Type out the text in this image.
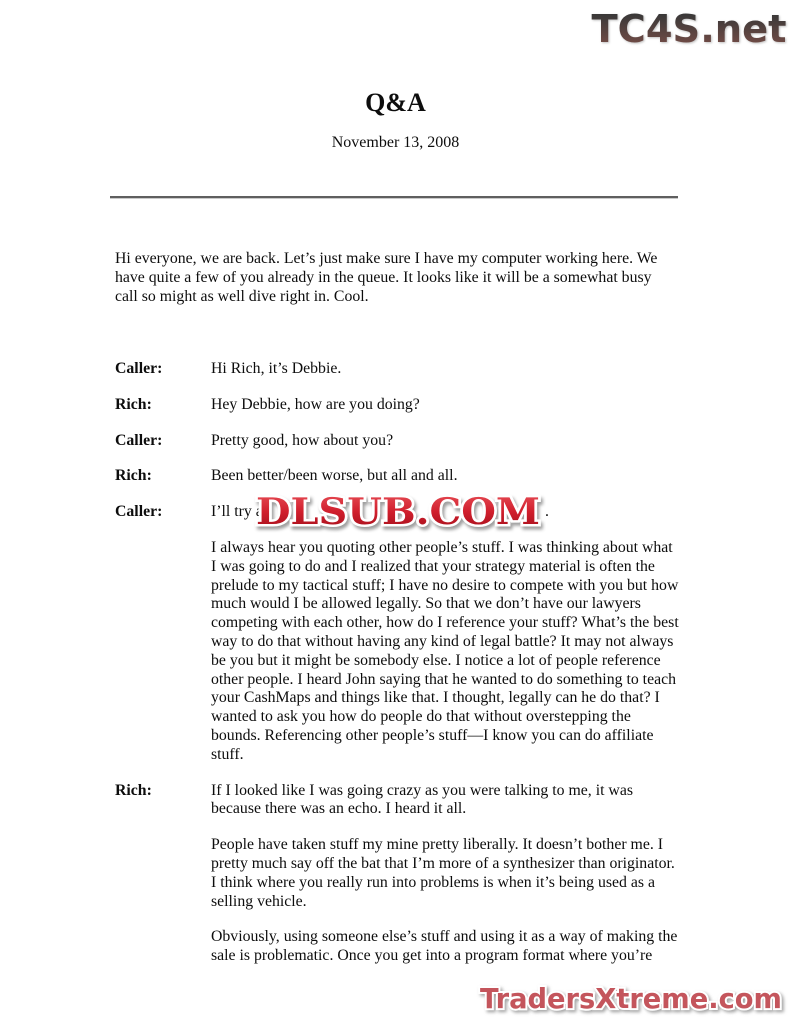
TC4S.net
Q&A
November 13, 2008

Hi everyone, we are back. Let’s just make sure I have my computer working here. We have quite a few of you already in the queue. It looks like it will be a somewhat busy call so might as well dive right in. Cool.

Caller:	Hi Rich, it’s Debbie.
Rich:	Hey Debbie, how are you doing?
Caller:	Pretty good, how about you?
Rich:	Been better/been worse, but all and all.
Caller:	I’ll try a
DLSUB.COM .
I always hear you quoting other people’s stuff. I was thinking about what I was going to do and I realized that your strategy material is often the prelude to my tactical stuff; I have no desire to compete with you but how much would I be allowed legally. So that we don’t have our lawyers competing with each other, how do I reference your stuff? What’s the best way to do that without having any kind of legal battle? It may not always be you but it might be somebody else. I notice a lot of people reference other people. I heard John saying that he wanted to do something to teach your CashMaps and things like that. I thought, legally can he do that? I wanted to ask you how do people do that without overstepping the bounds. Referencing other people’s stuff—I know you can do affiliate stuff.
Rich:	If I looked like I was going crazy as you were talking to me, it was because there was an echo. I heard it all.
People have taken stuff my mine pretty liberally. It doesn’t bother me. I pretty much say off the bat that I’m more of a synthesizer than originator. I think where you really run into problems is when it’s being used as a selling vehicle.
Obviously, using someone else’s stuff and using it as a way of making the sale is problematic. Once you get into a program format where you’re
TradersXtreme.com
